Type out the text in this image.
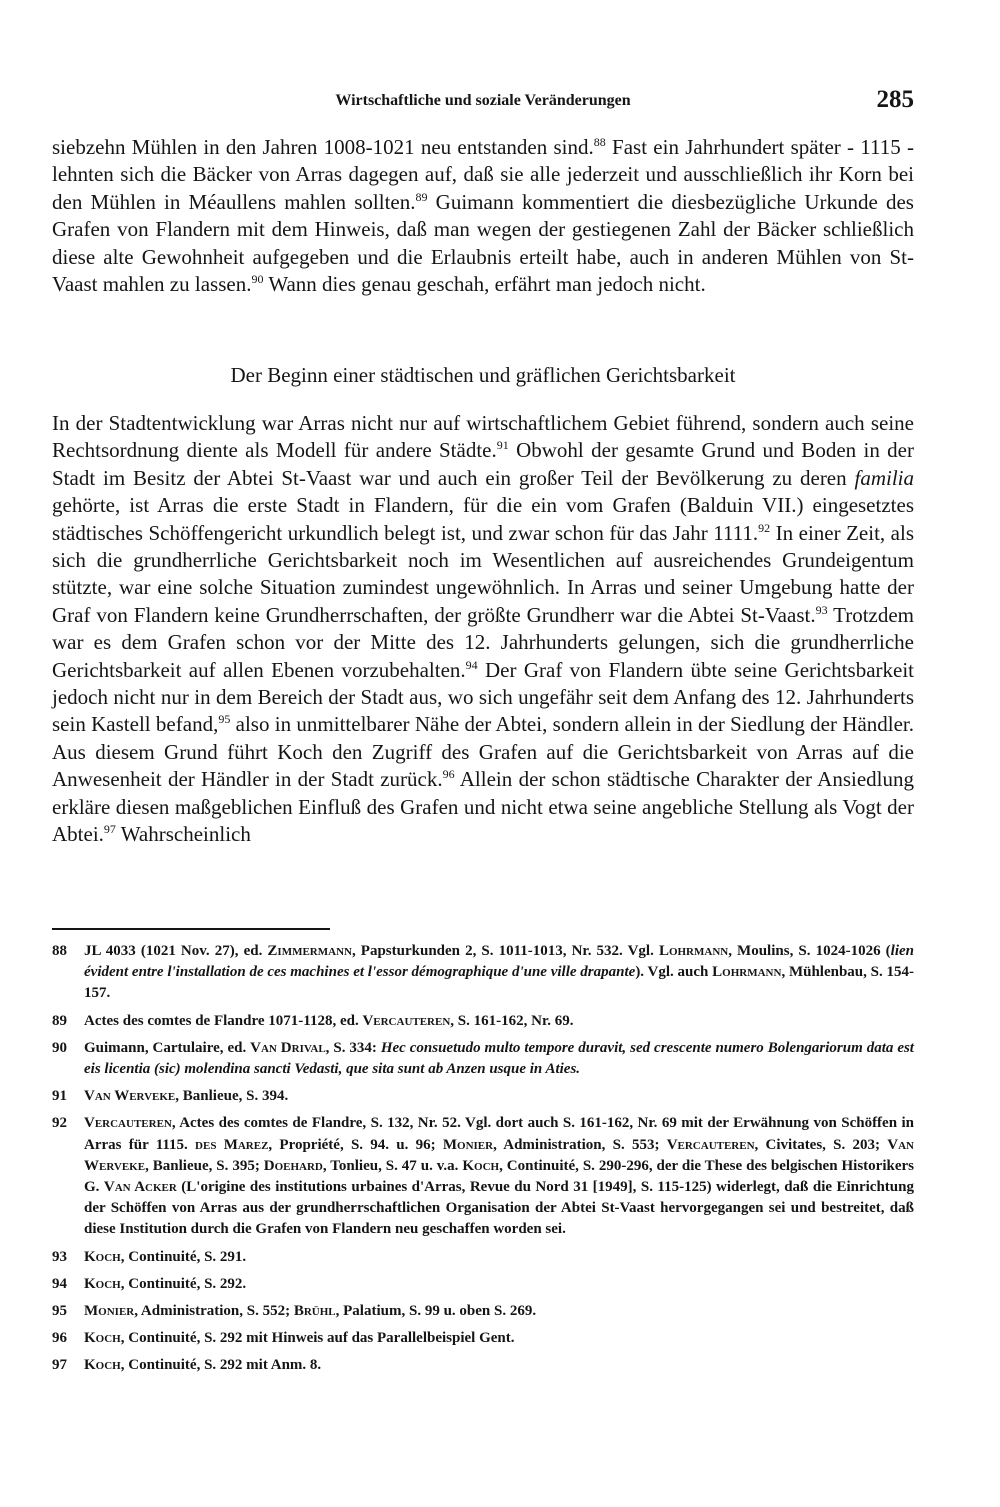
Wirtschaftliche und soziale Veränderungen	285

siebzehn Mühlen in den Jahren 1008-1021 neu entstanden sind.$^{88}$ Fast ein Jahrhundert später - 1115 - lehnten sich die Bäcker von Arras dagegen auf, daß sie alle jederzeit und ausschließlich ihr Korn bei den Mühlen in Méaullens mahlen sollten.$^{89}$ Guimann kommentiert die diesbezügliche Urkunde des Grafen von Flandern mit dem Hinweis, daß man wegen der gestiegenen Zahl der Bäcker schließlich diese alte Gewohnheit aufgegeben und die Erlaubnis erteilt habe, auch in anderen Mühlen von St-Vaast mahlen zu lassen.$^{90}$ Wann dies genau geschah, erfährt man jedoch nicht.

Der Beginn einer städtischen und gräflichen Gerichtsbarkeit

In der Stadtentwicklung war Arras nicht nur auf wirtschaftlichem Gebiet führend, sondern auch seine Rechtsordnung diente als Modell für andere Städte.$^{91}$ Obwohl der gesamte Grund und Boden in der Stadt im Besitz der Abtei St-Vaast war und auch ein großer Teil der Bevölkerung zu deren familia gehörte, ist Arras die erste Stadt in Flandern, für die ein vom Grafen (Balduin VII.) eingesetztes städtisches Schöffengericht urkundlich belegt ist, und zwar schon für das Jahr 1111.92 In einer Zeit, als sich die grundherrliche Gerichtsbarkeit noch im Wesentlichen auf ausreichendes Grundeigentum stützte, war eine solche Situation zumindest ungewöhnlich. In Arras und seiner Umgebung hatte der Graf von Flandern keine Grundherrschaften, der größte Grundherr war die Abtei St-Vaast.$^{93}$ Trotzdem war es dem Grafen schon vor der Mitte des 12. Jahrhunderts gelungen, sich die grundherrliche Gerichtsbarkeit auf allen Ebenen vorzubehalten.$^{94}$ Der Graf von Flandern übte seine Gerichtsbarkeit jedoch nicht nur in dem Bereich der Stadt aus, wo sich ungefähr seit dem Anfang des 12. Jahrhunderts sein Kastell befand,$^{95}$ also in unmittelbarer Nähe der Abtei, sondern allein in der Siedlung der Händler. Aus diesem Grund führt Koch den Zugriff des Grafen auf die Gerichtsbarkeit von Arras auf die Anwesenheit der Händler in der Stadt zurück.$^{96}$ Allein der schon städtische Charakter der Ansiedlung erkläre diesen maßgeblichen Einfluß des Grafen und nicht etwa seine angebliche Stellung als Vogt der Abtei.$^{97}$ Wahrscheinlich

88	JL 4033 (1021 Nov. 27), ed. Zimmermann, Papsturkunden 2, S. 1011-1013, Nr. 532. Vgl. Lohrmann, Moulins, S. 1024-1026 (lien évident entre l'installation de ces machines et l'essor démographique d'une ville drapante). Vgl. auch Lohrmann, Mühlenbau, S. 154-157.
89	Actes des comtes de Flandre 1071-1128, ed. Vercauteren, S. 161-162, Nr. 69.
90	Guimann, Cartulaire, ed. Van Drival, S. 334: Hec consuetudo multo tempore duravit, sed crescente numero Bolengariorum data est eis licentia (sic) molendina sancti Vedasti, que sita sunt ab Anzen usque in Aties.
91	Van Werveke, Banlieue, S. 394.
92	Vercauteren, Actes des comtes de Flandre, S. 132, Nr. 52. Vgl. dort auch S. 161-162, Nr. 69 mit der Erwähnung von Schöffen in Arras für 1115. des Marez, Propriété, S. 94. u. 96; Monier, Administration, S. 553; Vercauteren, Civitates, S. 203; Van Werveke, Banlieue, S. 395; Doehard, Tonlieu, S. 47 u. v.a. Koch, Continuité, S. 290-296, der die These des belgischen Historikers G. Van Acker (L'origine des institutions urbaines d'Arras, Revue du Nord 31 [1949], S. 115-125) widerlegt, daß die Einrichtung der Schöffen von Arras aus der grundherrschaftlichen Organisation der Abtei St-Vaast hervorgegangen sei und bestreitet, daß diese Institution durch die Grafen von Flandern neu geschaffen worden sei.
93	Koch, Continuité, S. 291.
94	Koch, Continuité, S. 292.
95	Monier, Administration, S. 552; Brühl, Palatium, S. 99 u. oben S. 269.
96	Koch, Continuité, S. 292 mit Hinweis auf das Parallelbeispiel Gent.
97	Koch, Continuité, S. 292 mit Anm. 8.
